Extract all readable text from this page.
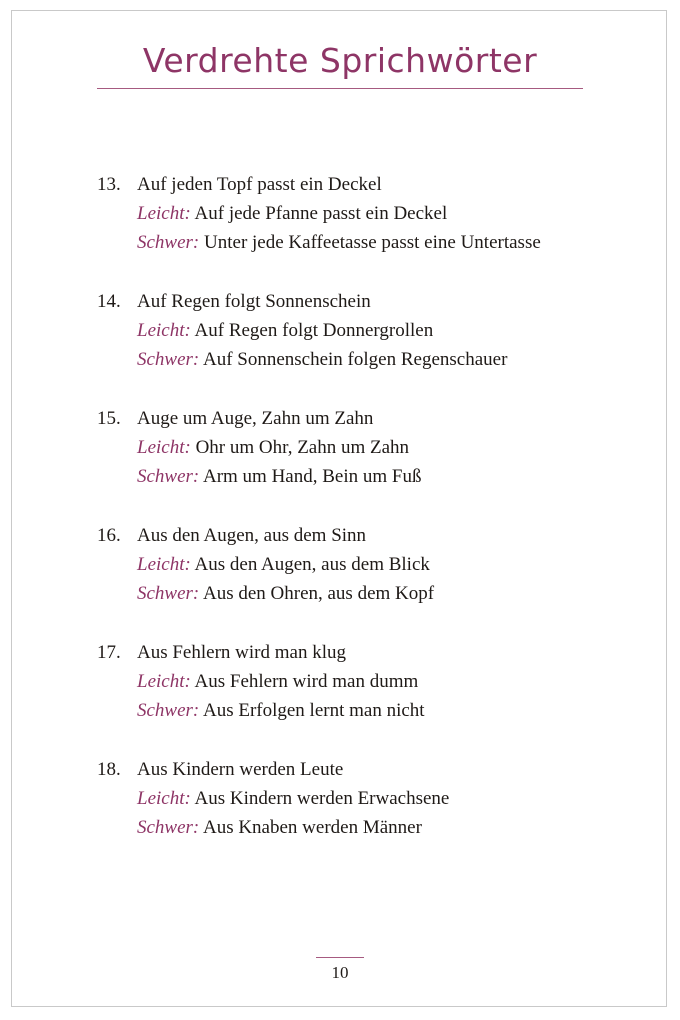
Verdrehte Sprichwörter
13. Auf jeden Topf passt ein Deckel
Leicht: Auf jede Pfanne passt ein Deckel
Schwer: Unter jede Kaffeetasse passt eine Untertasse
14. Auf Regen folgt Sonnenschein
Leicht: Auf Regen folgt Donnergrollen
Schwer: Auf Sonnenschein folgen Regenschauer
15. Auge um Auge, Zahn um Zahn
Leicht: Ohr um Ohr, Zahn um Zahn
Schwer: Arm um Hand, Bein um Fuß
16. Aus den Augen, aus dem Sinn
Leicht: Aus den Augen, aus dem Blick
Schwer: Aus den Ohren, aus dem Kopf
17. Aus Fehlern wird man klug
Leicht: Aus Fehlern wird man dumm
Schwer: Aus Erfolgen lernt man nicht
18. Aus Kindern werden Leute
Leicht: Aus Kindern werden Erwachsene
Schwer: Aus Knaben werden Männer
10
